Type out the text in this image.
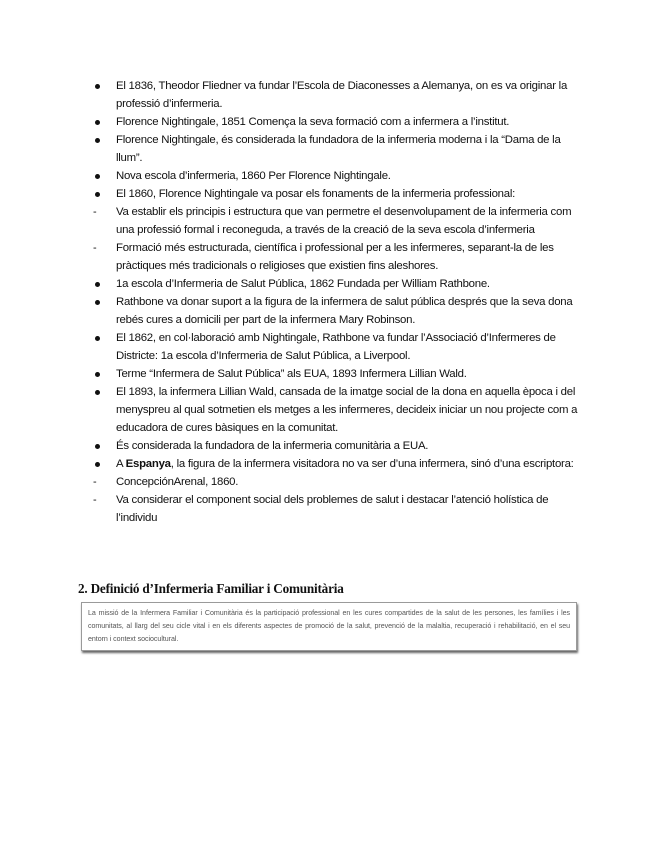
El 1836, Theodor Fliedner va fundar l’Escola de Diaconesses a Alemanya, on es va originar la professió d’infermeria.
Florence Nightingale, 1851 Comença la seva formació com a infermera a l’institut.
Florence Nightingale, és considerada la fundadora de la infermeria moderna i la “Dama de la llum”.
Nova escola d’infermeria, 1860 Per Florence Nightingale.
El 1860, Florence Nightingale va posar els fonaments de la infermeria professional:
-	Va establir els principis i estructura que van permetre el desenvolupament de la infermeria com una professió formal i reconeguda, a través de la creació de la seva escola d’infermeria
-	Formació més estructurada, científica i professional per a les infermeres, separant-la de les pràctiques més tradicionals o religioses que existien fins aleshores.
1a escola d’Infermeria de Salut Pública, 1862 Fundada per William Rathbone.
Rathbone va donar suport a la figura de la infermera de salut pública després que la seva dona rebés cures a domicili per part de la infermera Mary Robinson.
El 1862, en col·laboració amb Nightingale, Rathbone va fundar l’Associació d’Infermeres de Districte: 1a escola d’Infermeria de Salut Pública, a Liverpool.
Terme “Infermera de Salut Pública” als EUA, 1893 Infermera Lillian Wald.
El 1893, la infermera Lillian Wald, cansada de la imatge social de la dona en aquella època i del menyspreu al qual sotmetien els metges a les infermeres, decideix iniciar un nou projecte com a educadora de cures bàsiques en la comunitat.
És considerada la fundadora de la infermeria comunitària a EUA.
A Espanya, la figura de la infermera visitadora no va ser d’una infermera, sinó d’una escriptora:
-	ConcepciónArenal, 1860.
-	Va considerar el component social dels problemes de salut i destacar l’atenció holística de l’individu
2. Definició d’Infermeria Familiar i Comunitària
La missió de la Infermera Familiar i Comunitària és la participació professional en les cures compartides de la salut de les persones, les famílies i les comunitats, al llarg del seu cicle vital i en els diferents aspectes de promoció de la salut, prevenció de la malaltia, recuperació i rehabilitació, en el seu entorn i context sociocultural.
